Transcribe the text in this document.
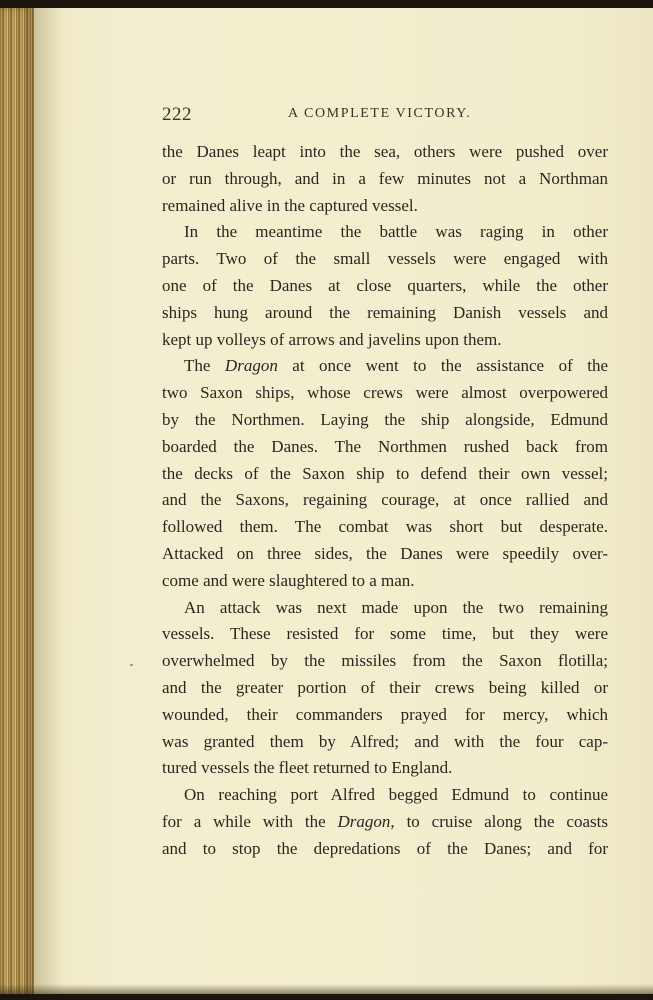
222	A COMPLETE VICTORY.
the Danes leapt into the sea, others were pushed over
or run through, and in a few minutes not a Northman
remained alive in the captured vessel.
In the meantime the battle was raging in other
parts. Two of the small vessels were engaged with
one of the Danes at close quarters, while the other
ships hung around the remaining Danish vessels and
kept up volleys of arrows and javelins upon them.
The Dragon at once went to the assistance of the
two Saxon ships, whose crews were almost overpowered
by the Northmen. Laying the ship alongside, Edmund
boarded the Danes. The Northmen rushed back from
the decks of the Saxon ship to defend their own vessel;
and the Saxons, regaining courage, at once rallied and
followed them. The combat was short but desperate.
Attacked on three sides, the Danes were speedily over-
come and were slaughtered to a man.
An attack was next made upon the two remaining
vessels. These resisted for some time, but they were
overwhelmed by the missiles from the Saxon flotilla;
and the greater portion of their crews being killed or
wounded, their commanders prayed for mercy, which
was granted them by Alfred; and with the four cap-
tured vessels the fleet returned to England.
On reaching port Alfred begged Edmund to continue
for a while with the Dragon, to cruise along the coasts
and to stop the depredations of the Danes; and for
